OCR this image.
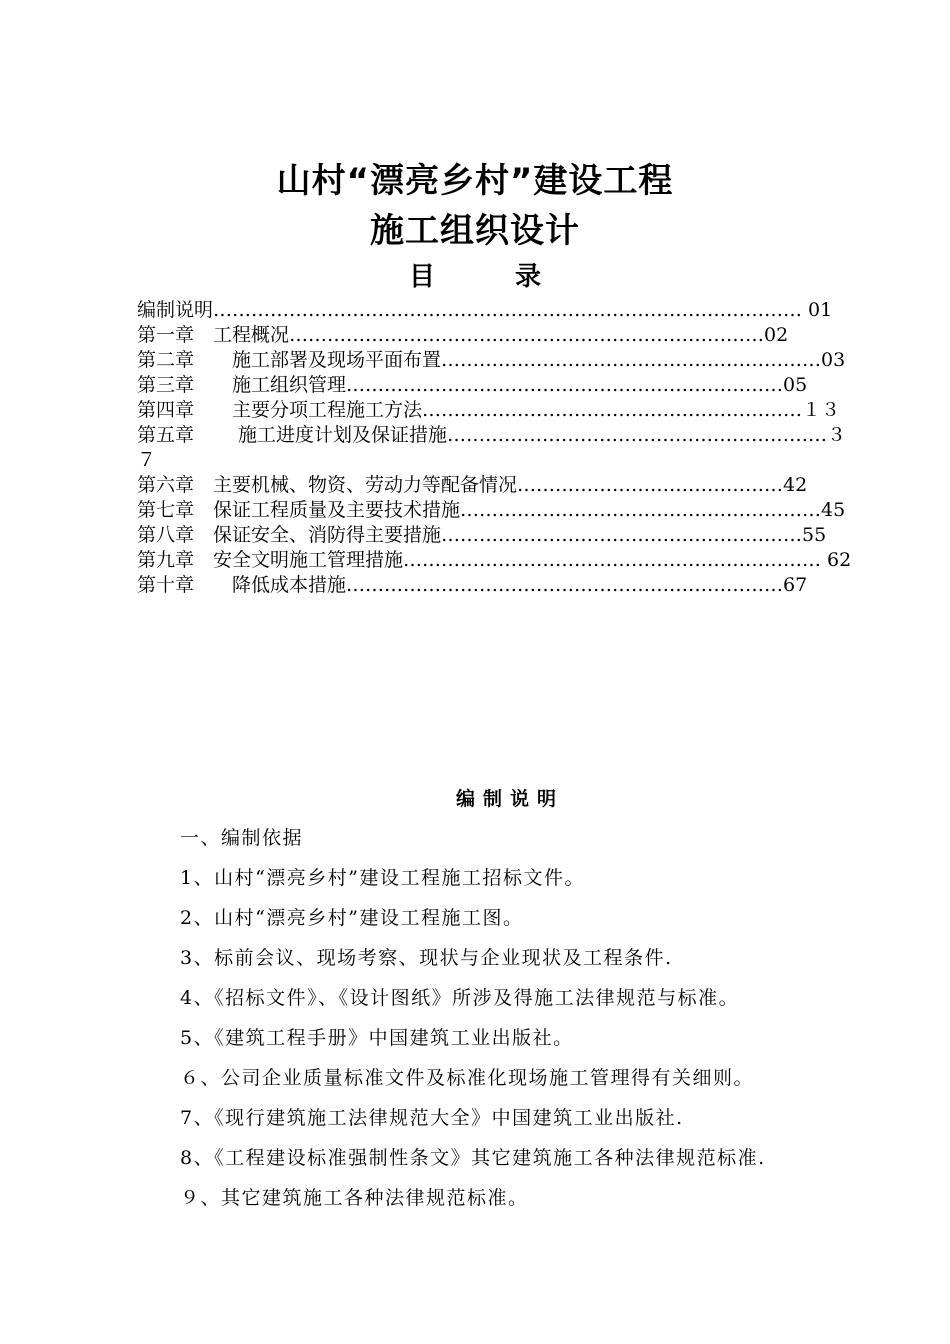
山村“漂亮乡村”建设工程
施工组织设计
目	录
编制说明………………………………………………………………………………… 01
第一章　工程概况…………………………………………………………………02
第二章　　施工部署及现场平面布置……………………………………………………03
第三章　　施工组织管理……………………………………………………………05
第四章　　主要分项工程施工方法……………………………………………………１３
第五章　　 施工进度计划及保证措施……………………………………………………３７
第六章　主要机械、物资、劳动力等配备情况……………………………………42
第七章　保证工程质量及主要技术措施…………………………………………………45
第八章　保证安全、消防得主要措施…………………………………………………55
第九章　安全文明施工管理措施………………………………………………………… 62
第十章　　降低成本措施……………………………………………………………67
编制说明
一、编制依据
1、山村“漂亮乡村”建设工程施工招标文件。
2、山村“漂亮乡村”建设工程施工图。
3、标前会议、现场考察、现状与企业现状及工程条件.
4、《招标文件》、《设计图纸》所涉及得施工法律规范与标准。
5、《建筑工程手册》中国建筑工业出版社。
６、公司企业质量标准文件及标准化现场施工管理得有关细则。
7、《现行建筑施工法律规范大全》中国建筑工业出版社.
8、《工程建设标准强制性条文》其它建筑施工各种法律规范标准.
９、其它建筑施工各种法律规范标准。
